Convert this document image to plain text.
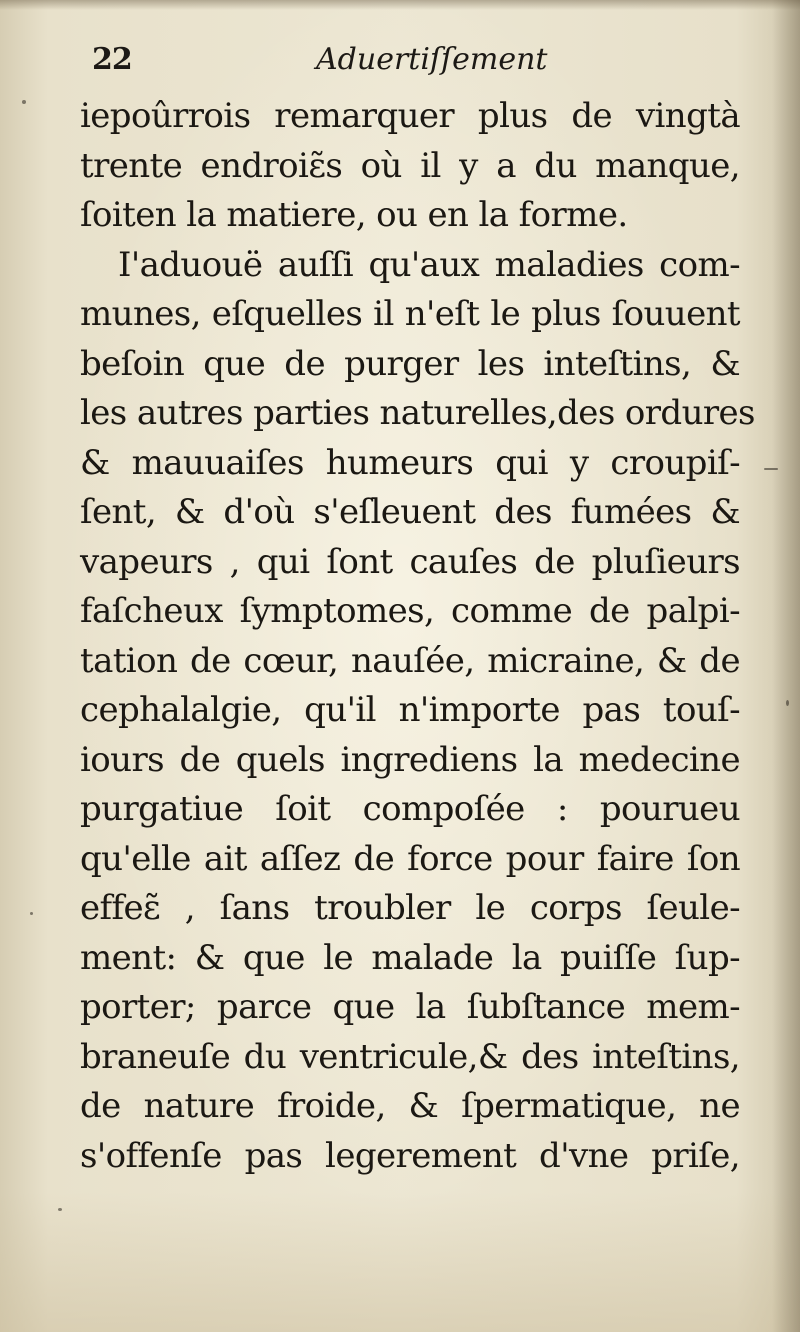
22	Aduertiſſement
iepoûrrois remarquer plus de vingtà
trente endroiɛ̃s où il y a du manque,
ſoiten la matiere, ou en la forme.
I'aduouë auſſi qu'aux maladies com-
munes, eſquelles il n'eſt le plus ſouuent
beſoin que de purger les inteſtins, &
les autres parties naturelles,des ordures
& mauuaiſes humeurs qui y croupiſ-
ſent, & d'où s'eſleuent des fumées &
vapeurs , qui ſont cauſes de pluſieurs
faſcheux ſymptomes, comme de palpi-
tation de cœur, nauſée, micraine, & de
cephalalgie, qu'il n'importe pas touſ-
iours de quels ingrediens la medecine
purgatiue ſoit compoſée : pourueu
qu'elle ait aſſez de force pour faire ſon
effeɛ̃ , ſans troubler le corps ſeule-
ment: & que le malade la puiſſe ſup-
porter; parce que la ſubſtance mem-
braneuſe du ventricule,& des inteſtins,
de nature froide, & ſpermatique, ne
s'offenſe pas legerement d'vne priſe,
